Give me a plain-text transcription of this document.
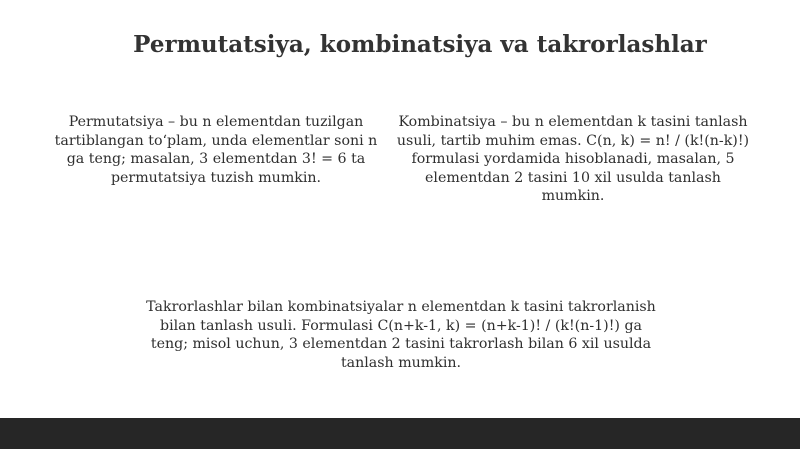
Permutatsiya, kombinatsiya va takrorlashlar

Permutatsiya – bu n elementdan tuzilgan tartiblangan toʻplam, unda elementlar soni n ga teng; masalan, 3 elementdan 3! = 6 ta permutatsiya tuzish mumkin.

Kombinatsiya – bu n elementdan k tasini tanlash usuli, tartib muhim emas. C(n, k) = n! / (k!(n-k)!) formulasi yordamida hisoblanadi, masalan, 5 elementdan 2 tasini 10 xil usulda tanlash mumkin.

Takrorlashlar bilan kombinatsiyalar n elementdan k tasini takrorlanish bilan tanlash usuli. Formulasi C(n+k-1, k) = (n+k-1)! / (k!(n-1)!) ga teng; misol uchun, 3 elementdan 2 tasini takrorlash bilan 6 xil usulda tanlash mumkin.
